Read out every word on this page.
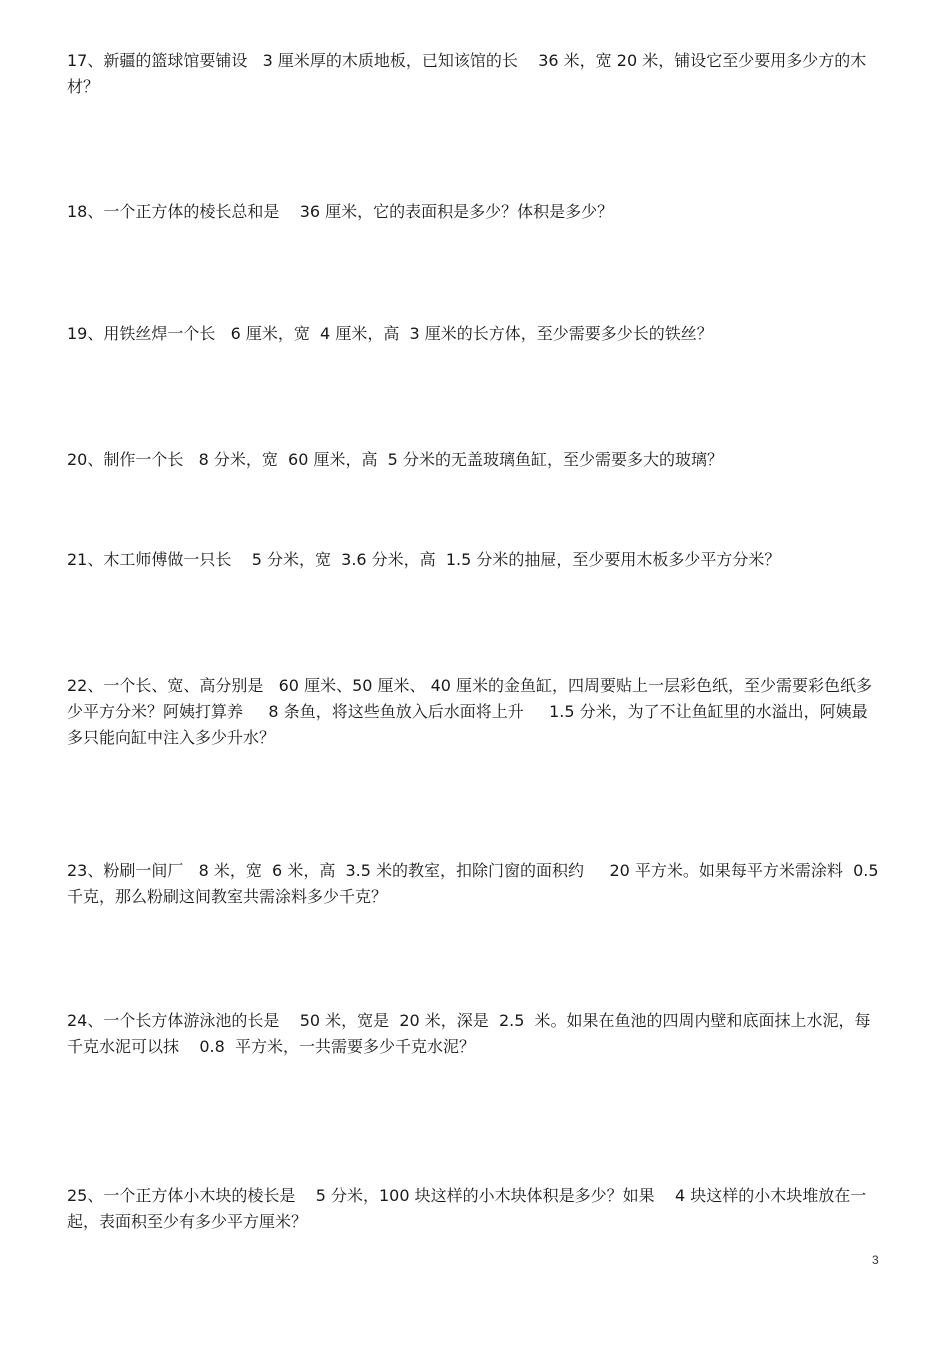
17、新疆的篮球馆要铺设   3 厘米厚的木质地板，已知该馆的长    36 米，宽 20 米，铺设它至少要用多少方的木材？

18、一个正方体的棱长总和是    36 厘米，它的表面积是多少？体积是多少？

19、用铁丝焊一个长   6 厘米，宽  4 厘米，高  3 厘米的长方体，至少需要多少长的铁丝？

20、制作一个长   8 分米，宽  60 厘米，高  5 分米的无盖玻璃鱼缸，至少需要多大的玻璃？

21、木工师傅做一只长    5 分米，宽  3.6 分米，高  1.5 分米的抽屉，至少要用木板多少平方分米？

22、一个长、宽、高分别是   60 厘米、50 厘米、 40 厘米的金鱼缸，四周要贴上一层彩色纸，至少需要彩色纸多少平方分米？阿姨打算养     8 条鱼，将这些鱼放入后水面将上升     1.5 分米，为了不让鱼缸里的水溢出，阿姨最多只能向缸中注入多少升水？

23、粉刷一间厂   8 米，宽  6 米，高  3.5 米的教室，扣除门窗的面积约     20 平方米。如果每平方米需涂料  0.5 千克，那么粉刷这间教室共需涂料多少千克？

24、一个长方体游泳池的长是    50 米，宽是  20 米，深是  2.5  米。如果在鱼池的四周内壁和底面抹上水泥，每千克水泥可以抹    0.8  平方米，一共需要多少千克水泥？

25、一个正方体小木块的棱长是    5 分米，100 块这样的小木块体积是多少？如果    4 块这样的小木块堆放在一起，表面积至少有多少平方厘米？

3
